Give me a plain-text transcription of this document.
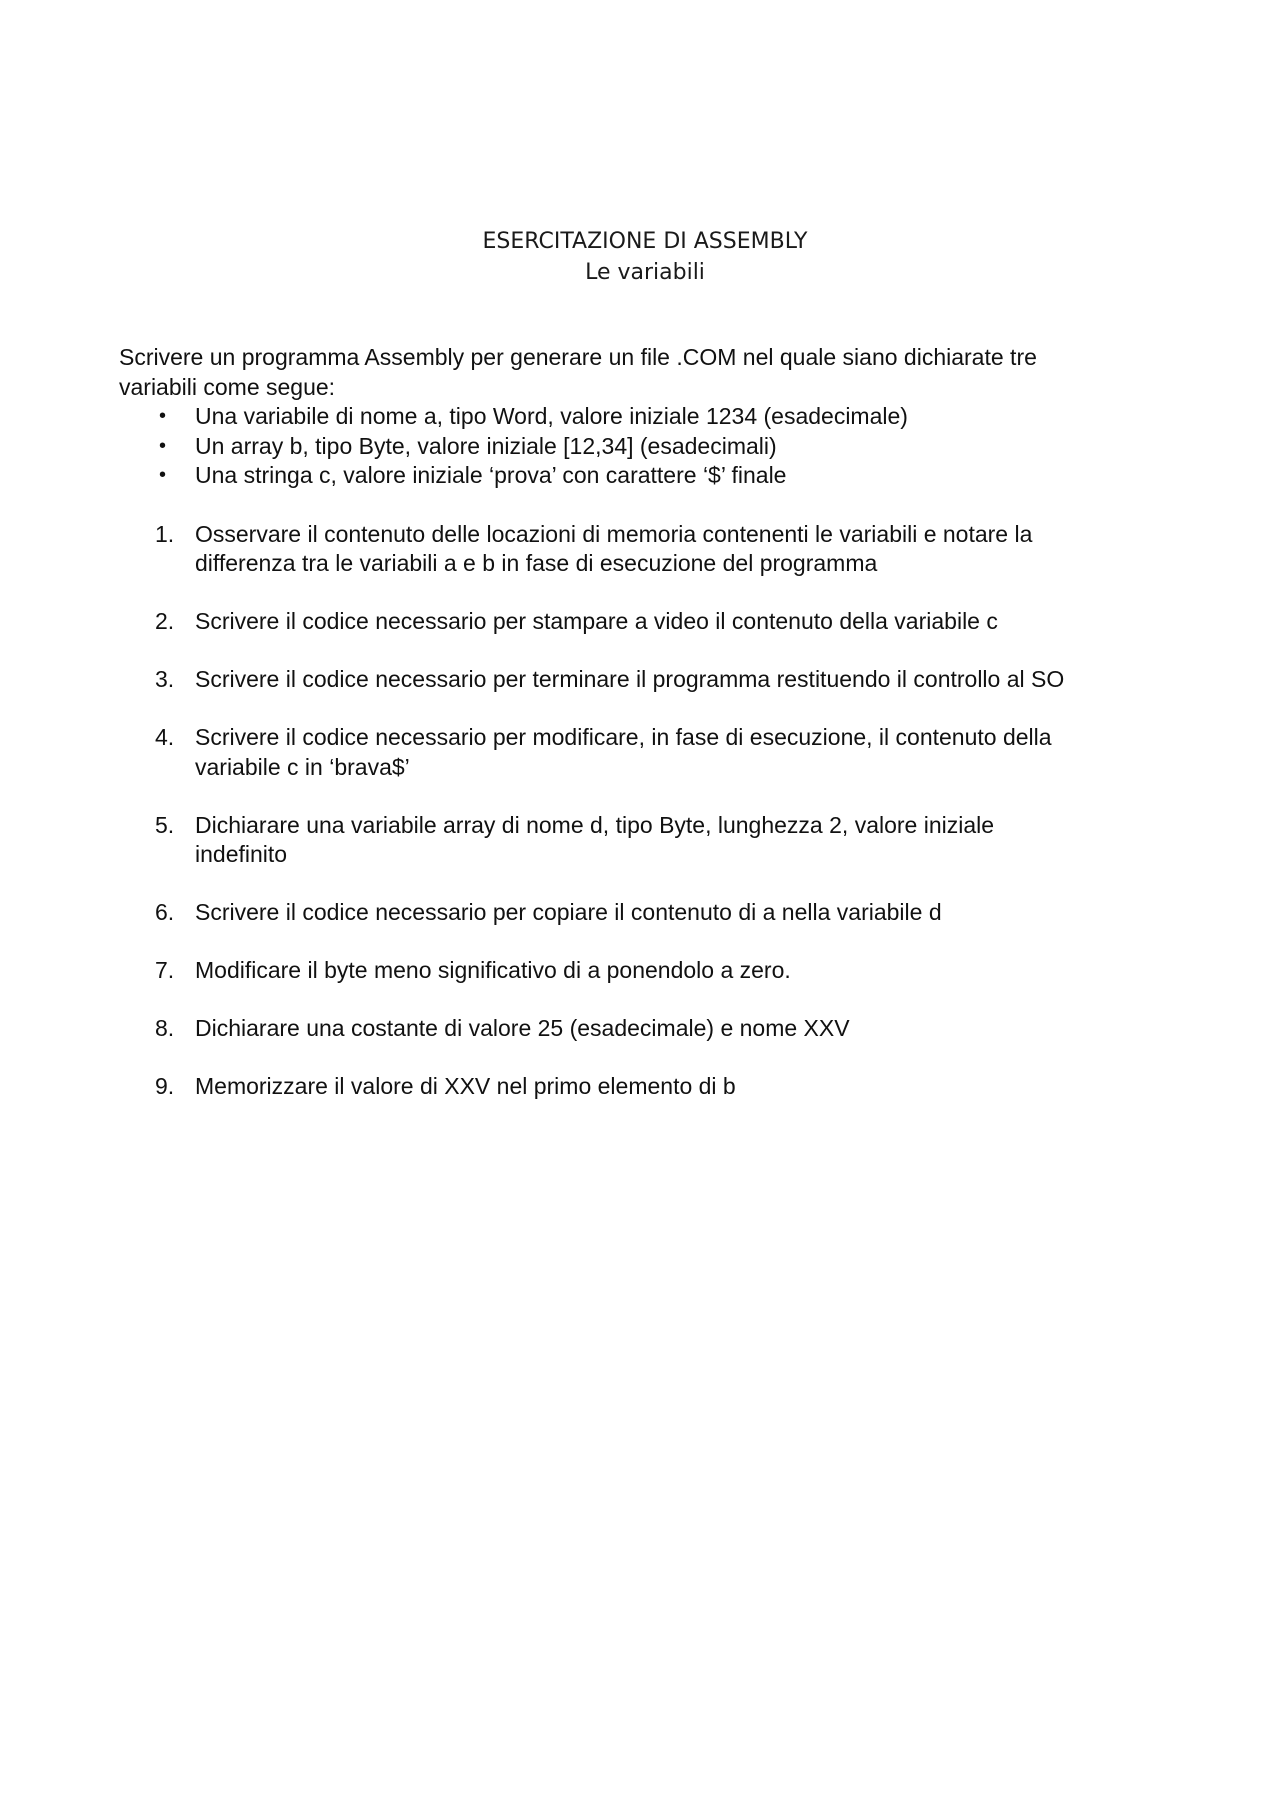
ESERCITAZIONE DI ASSEMBLY
Le variabili

Scrivere un programma Assembly per generare un file .COM nel quale siano dichiarate tre
variabili come segue:

• Una variabile di nome a, tipo Word, valore iniziale 1234 (esadecimale)
• Un array b, tipo Byte, valore iniziale [12,34] (esadecimali)
• Una stringa c, valore iniziale ‘prova’ con carattere ‘$’ finale
1. Osservare il contenuto delle locazioni di memoria contenenti le variabili e notare la
differenza tra le variabili a e b in fase di esecuzione del programma
2. Scrivere il codice necessario per stampare a video il contenuto della variabile c
3. Scrivere il codice necessario per terminare il programma restituendo il controllo al SO
4. Scrivere il codice necessario per modificare, in fase di esecuzione, il contenuto della
variabile c in ‘brava$’
5. Dichiarare una variabile array di nome d, tipo Byte, lunghezza 2, valore iniziale
indefinito
6. Scrivere il codice necessario per copiare il contenuto di a nella variabile d
7. Modificare il byte meno significativo di a ponendolo a zero.
8. Dichiarare una costante di valore 25 (esadecimale) e nome XXV
9. Memorizzare il valore di XXV nel primo elemento di b
